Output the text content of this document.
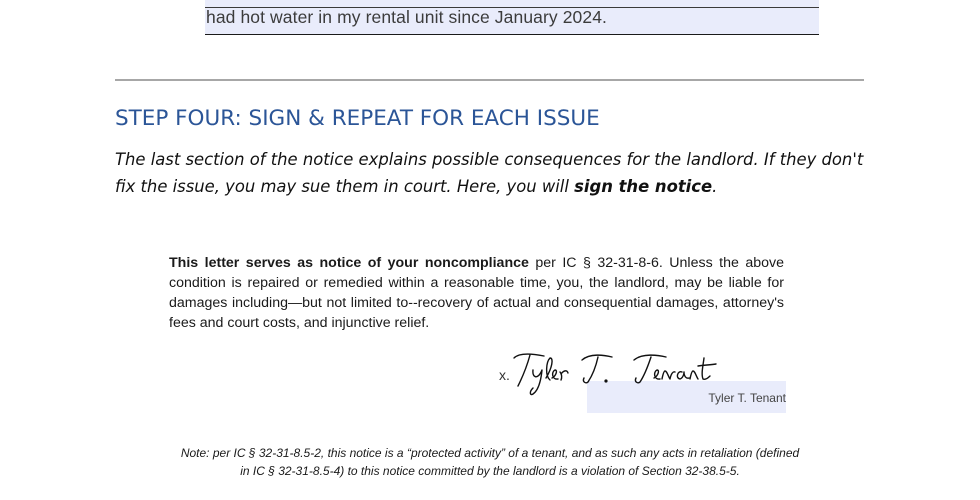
had hot water in my rental unit since January 2024.
STEP FOUR: SIGN & REPEAT FOR EACH ISSUE
The last section of the notice explains possible consequences for the landlord. If they don't fix the issue, you may sue them in court. Here, you will sign the notice.
This letter serves as notice of your noncompliance per IC § 32-31-8-6. Unless the above condition is repaired or remedied within a reasonable time, you, the landlord, may be liable for damages including—but not limited to--recovery of actual and consequential damages, attorney's fees and court costs, and injunctive relief.
Tyler T. Tenant
x.
Note: per IC § 32-31-8.5-2, this notice is a “protected activity” of a tenant, and as such any acts in retaliation (defined
in IC § 32-31-8.5-4) to this notice committed by the landlord is a violation of Section 32-38.5-5.
